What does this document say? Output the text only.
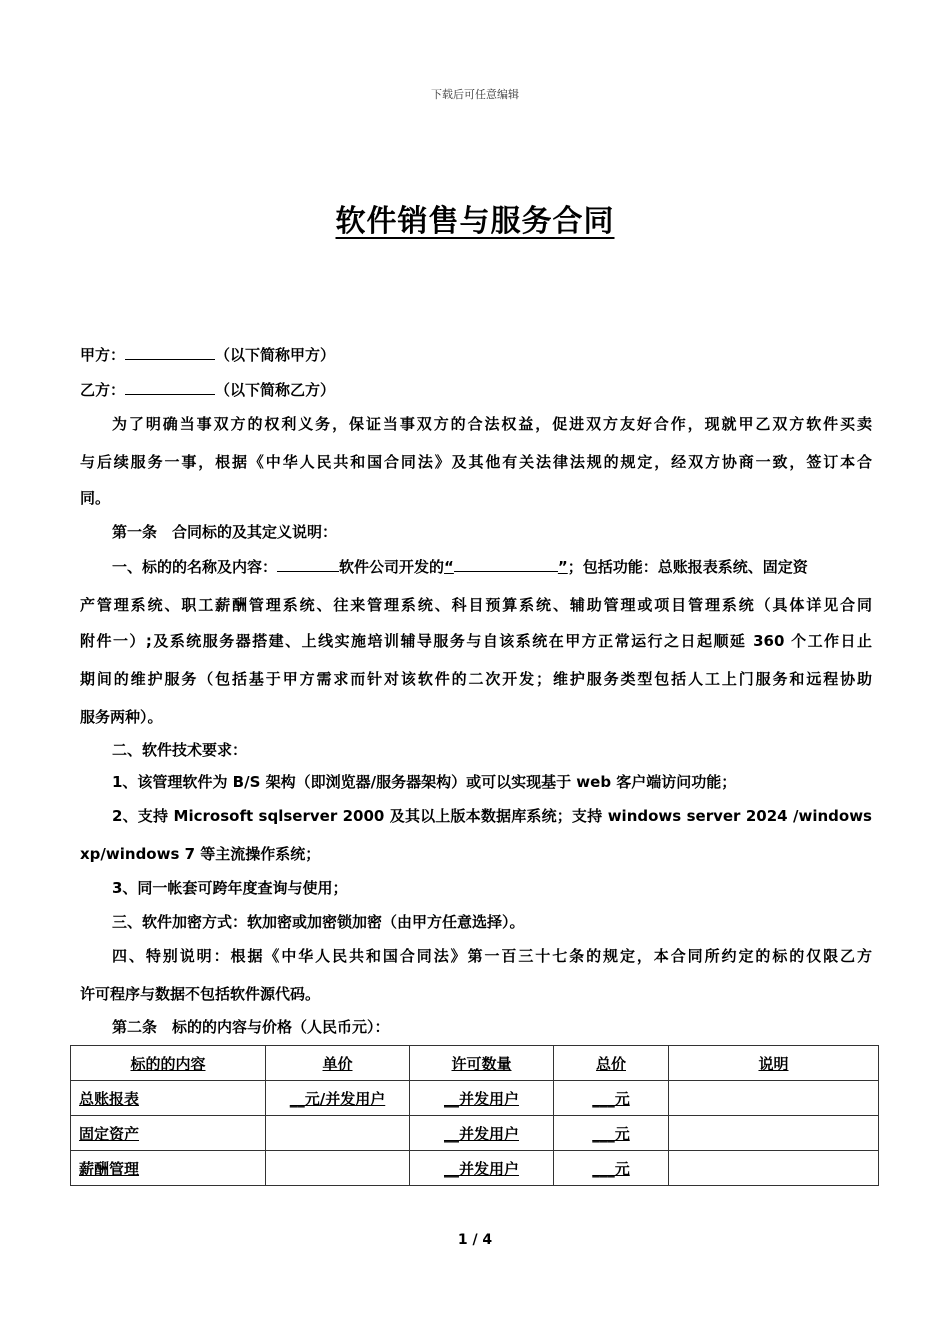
下载后可任意编辑
软件销售与服务合同
甲方：	（以下简称甲方）
乙方：	（以下简称乙方）
为了明确当事双方的权利义务，保证当事双方的合法权益，促进双方友好合作，现就甲乙双方软件买卖
与后续服务一事，根据《中华人民共和国合同法》及其他有关法律法规的规定，经双方协商一致，签订本合
同。
第一条　合同标的及其定义说明：
一、标的的名称及内容：	软件公司开发的“	”；包括功能：总账报表系统、固定资
产管理系统、职工薪酬管理系统、往来管理系统、科目预算系统、辅助管理或项目管理系统（具体详见合同
附件一）;及系统服务器搭建、上线实施培训辅导服务与自该系统在甲方正常运行之日起顺延 360 个工作日止
期间的维护服务（包括基于甲方需求而针对该软件的二次开发；维护服务类型包括人工上门服务和远程协助
服务两种）。
二、软件技术要求：
1、该管理软件为 B/S 架构（即浏览器/服务器架构）或可以实现基于 web 客户端访问功能；
2、支持 Microsoft sqlserver 2000 及其以上版本数据库系统；支持 windows server 2024 /windows
xp/windows 7 等主流操作系统；
3、同一帐套可跨年度查询与使用；
三、软件加密方式：软加密或加密锁加密（由甲方任意选择）。
四、特别说明：根据《中华人民共和国合同法》第一百三十七条的规定，本合同所约定的标的仅限乙方
许可程序与数据不包括软件源代码。
第二条　标的的内容与价格（人民币元）：
标的的内容	单价	许可数量	总价	说明
总账报表	__元/并发用户	__并发用户	___元	
固定资产		__并发用户	___元	
薪酬管理		__并发用户	___元	
1 / 4
